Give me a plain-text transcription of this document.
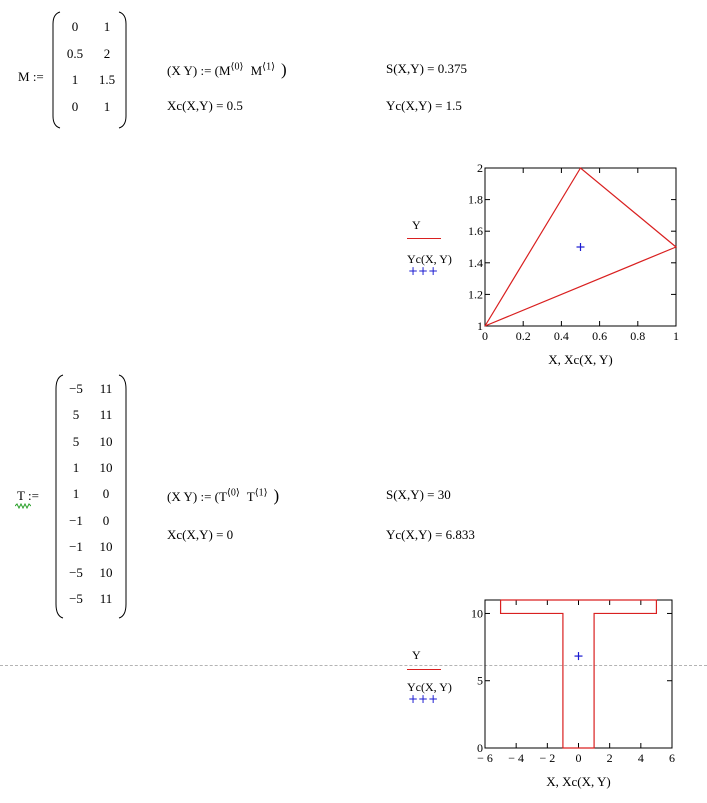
M :=
0	1
0.5	2
1	1.5
0	1
(X Y) := ($M^{⟨0⟩}$ $M^{⟨1⟩}$ )	S(X,Y) = 0.375
Xc(X,Y) = 0.5	Yc(X,Y) = 1.5
Y
Yc(X, Y)
+++
0 0.2 0.4 0.6 0.8 1
1
1.2
1.4
1.6
1.8
2
X, Xc(X, Y)
T :=
−5	11
5	11
5	10
1	10
1	0
−1	0
−1	10
−5	10
−5	11
(X Y) := ($T^{⟨0⟩}$ $T^{⟨1⟩}$ )	S(X,Y) = 30
Xc(X,Y) = 0	Yc(X,Y) = 6.833
Y
Yc(X, Y)
+++
− 6 − 4 − 2 0 2 4 6
0
5
10
X, Xc(X, Y)
